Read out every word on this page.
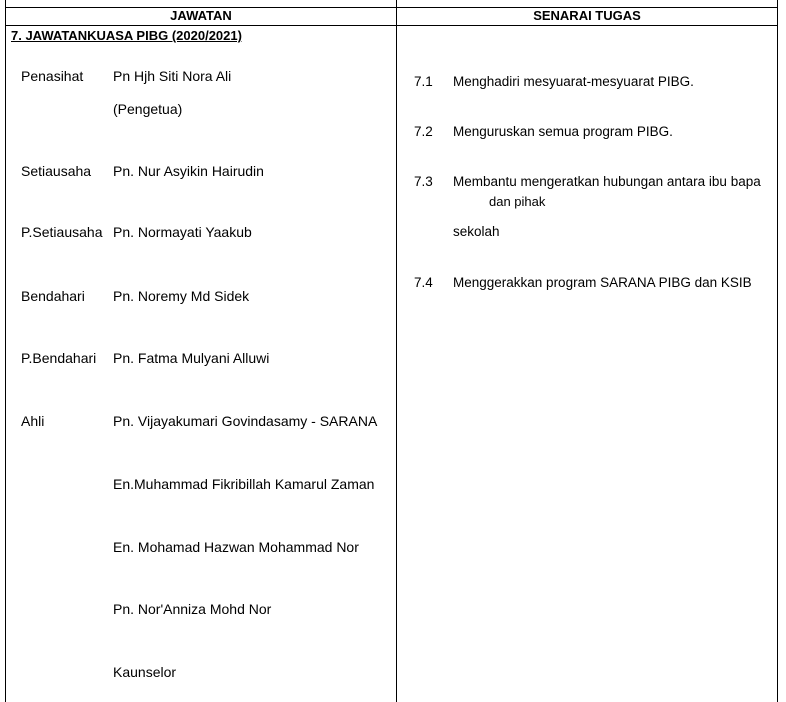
JAWATAN	SENARAI TUGAS
7. JAWATANKUASA PIBG (2020/2021)
Penasihat Pn Hjh Siti Nora Ali
(Pengetua)
Setiausaha Pn. Nur Asyikin Hairudin
P.Setiausaha Pn. Normayati Yaakub
Bendahari Pn. Noremy Md Sidek
P.Bendahari Pn. Fatma Mulyani Alluwi
Ahli	Pn. Vijayakumari Govindasamy - SARANA
En.Muhammad Fikribillah Kamarul Zaman
En. Mohamad Hazwan Mohammad Nor
Pn. Nor'Anniza Mohd Nor
Kaunselor
7.1 Menghadiri mesyuarat-mesyuarat PIBG.
7.2 Menguruskan semua program PIBG.
7.3 Membantu mengeratkan hubungan antara ibu bapa
dan pihak
sekolah
7.4 Menggerakkan program SARANA PIBG dan KSIB
